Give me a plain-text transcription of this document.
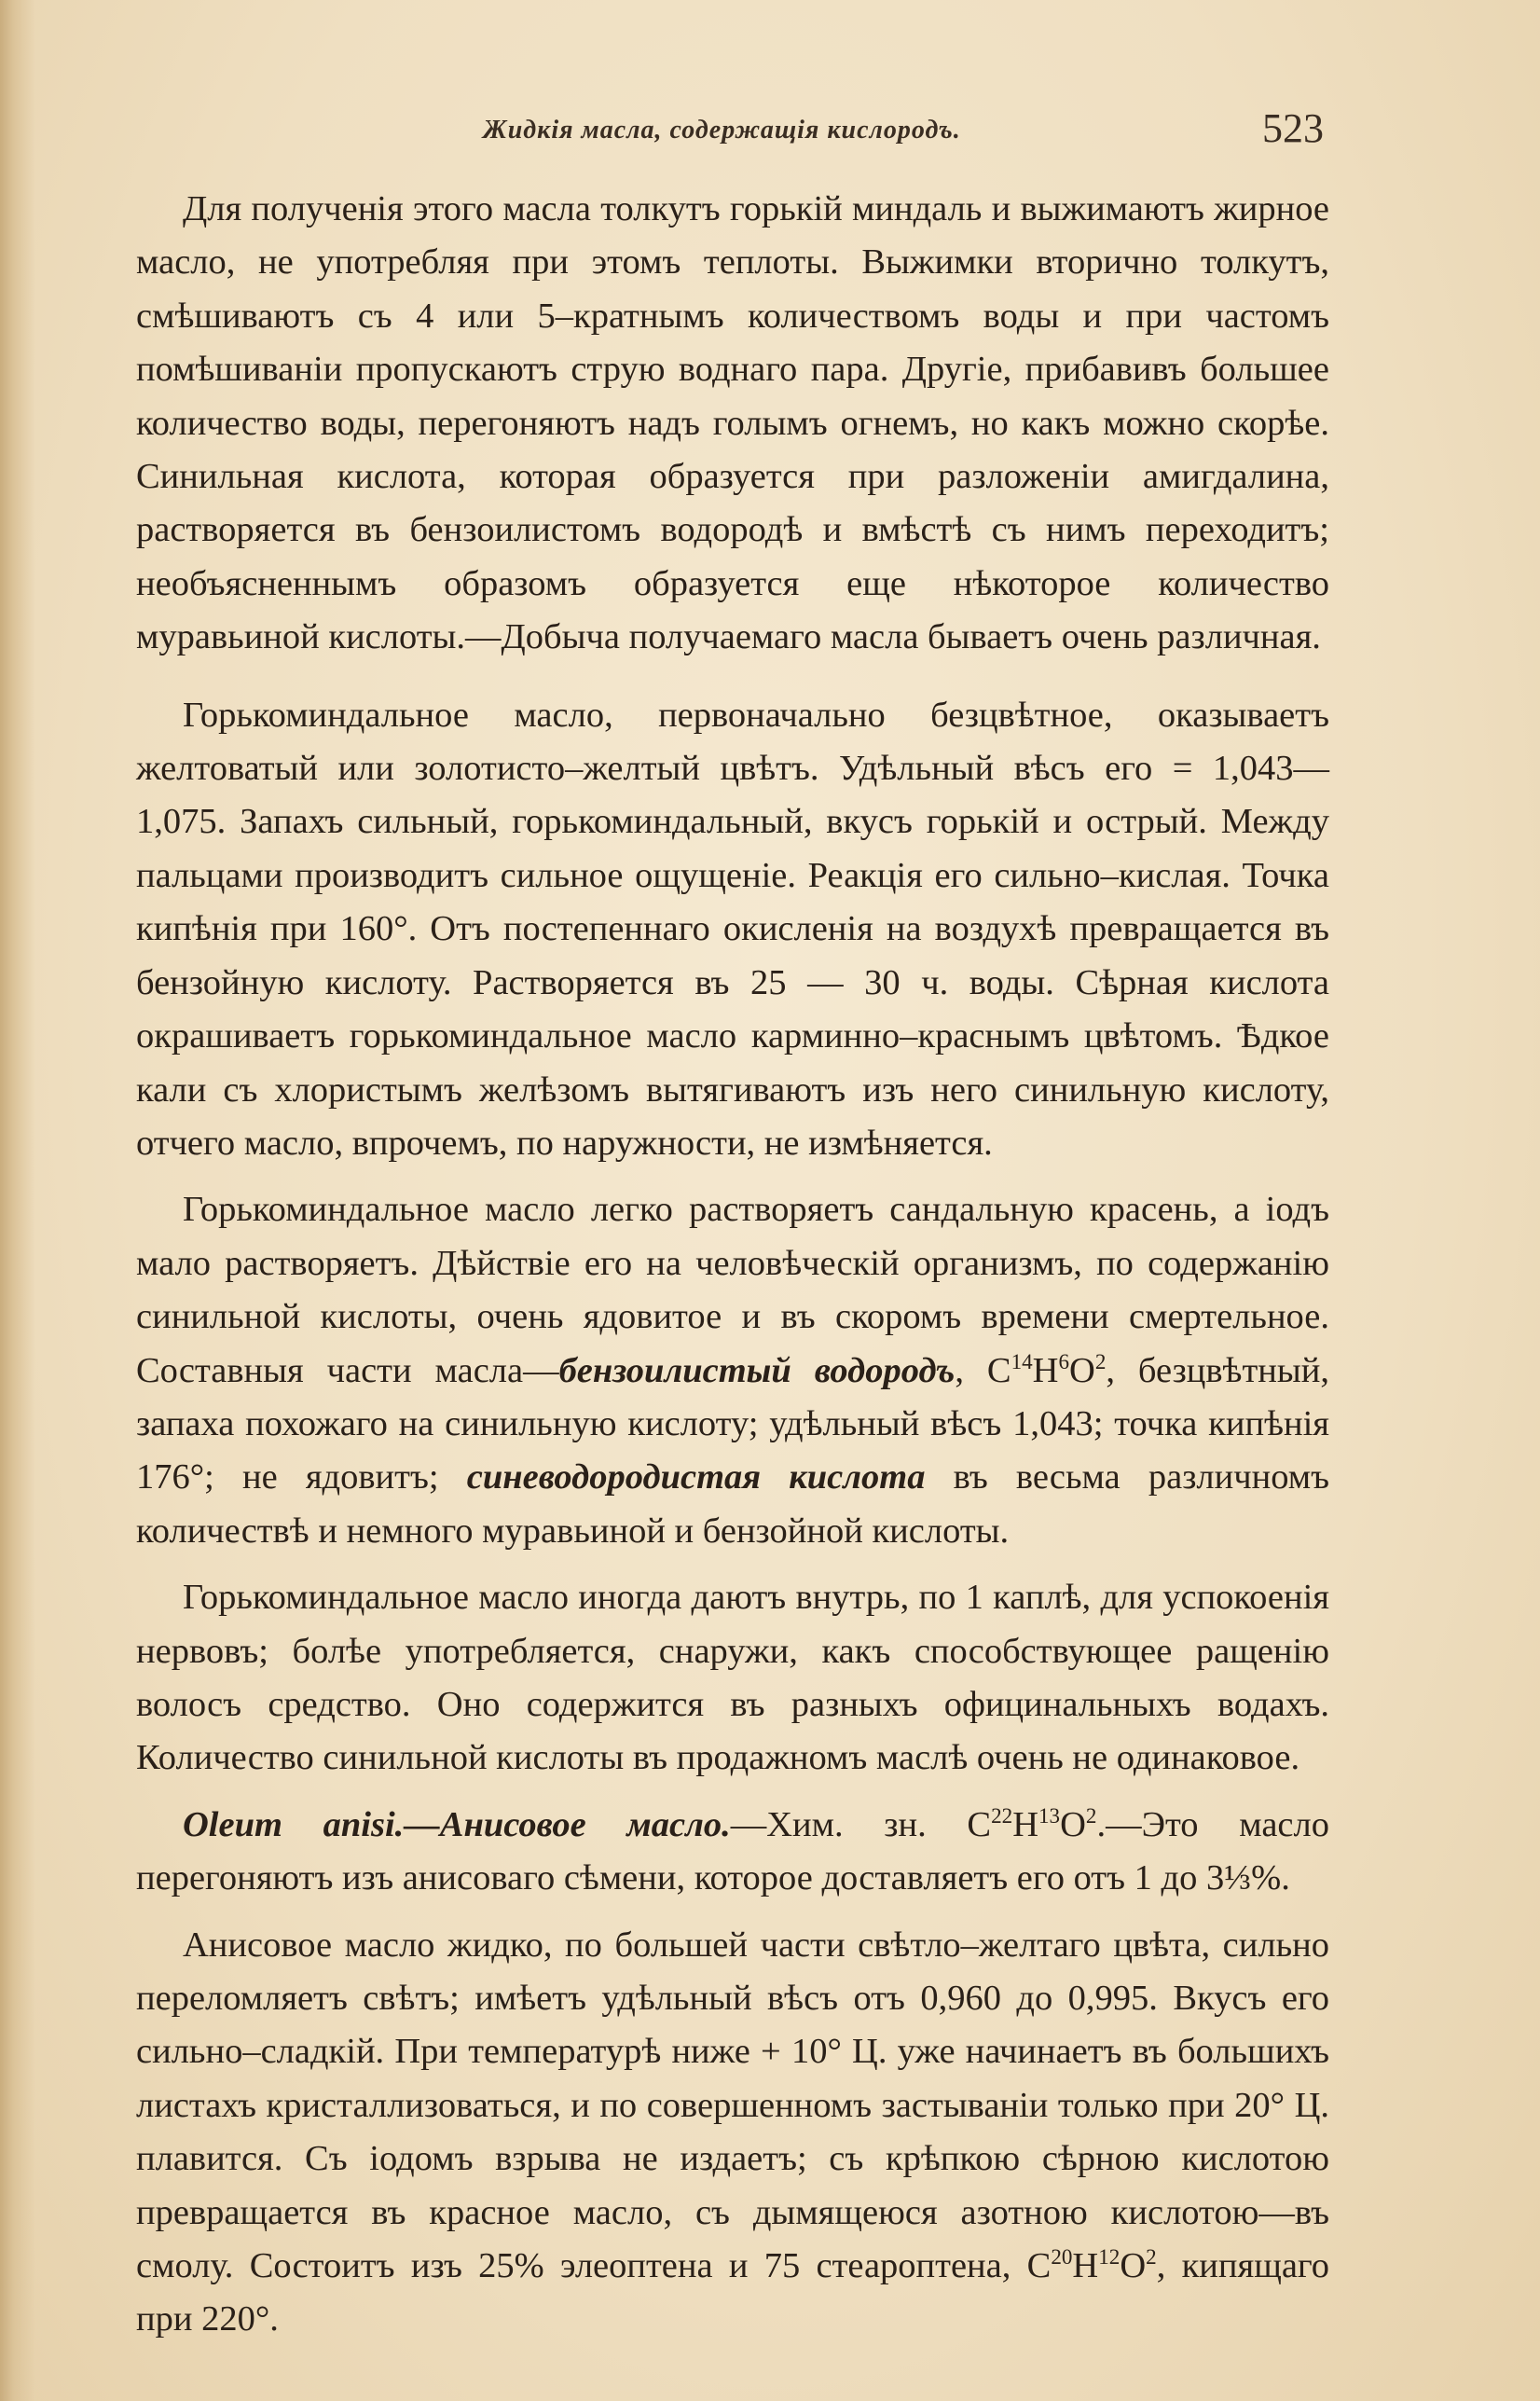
Жидкія масла, содержащія кислородъ.	523

Для полученія этого масла толкутъ горькій миндаль и выжимаютъ жирное масло, не употребляя при этомъ теплоты. Выжимки вторично толкутъ, смѣшиваютъ съ 4 или 5–кратнымъ количествомъ воды и при частомъ помѣшиваніи пропускаютъ струю воднаго пара. Другіе, прибавивъ большее количество воды, перегоняютъ надъ голымъ огнемъ, но какъ можно скорѣе. Синильная кислота, которая образуется при разложеніи амигдалина, растворяется въ бензоилистомъ водородѣ и вмѣстѣ съ нимъ переходитъ; необъясненнымъ образомъ образуется еще нѣкоторое количество муравьиной кислоты.—Добыча получаемаго масла бываетъ очень различная.

Горькоминдальное масло, первоначально безцвѣтное, оказываетъ желтоватый или золотисто–желтый цвѣтъ. Удѣльный вѣсъ его = 1,043—1,075. Запахъ сильный, горькоминдальный, вкусъ горькій и острый. Между пальцами производитъ сильное ощущеніе. Реакція его сильно–кислая. Точка кипѣнія при 160°. Отъ постепеннаго окисленія на воздухѣ превращается въ бензойную кислоту. Растворяется въ 25 — 30 ч. воды. Сѣрная кислота окрашиваетъ горькоминдальное масло карминно–краснымъ цвѣтомъ. Ѣдкое кали съ хлористымъ желѣзомъ вытягиваютъ изъ него синильную кислоту, отчего масло, впрочемъ, по наружности, не измѣняется.

Горькоминдальное масло легко растворяетъ сандальную красень, а іодъ мало растворяетъ. Дѣйствіе его на человѣческій организмъ, по содержанію синильной кислоты, очень ядовитое и въ скоромъ времени смертельное. Составныя части масла—бензоилистый водородъ, $C^{14}H^6O^2$, безцвѣтный, запаха похожаго на синильную кислоту; удѣльный вѣсъ 1,043; точка кипѣнія 176°; не ядовитъ; синеводородистая кислота въ весьма различномъ количествѣ и немного муравьиной и бензойной кислоты.

Горькоминдальное масло иногда даютъ внутрь, по 1 каплѣ, для успокоенія нервовъ; болѣе употребляется, снаружи, какъ способствующее ращенію волосъ средство. Оно содержится въ разныхъ официнальныхъ водахъ. Количество синильной кислоты въ продажномъ маслѣ очень не одинаковое.

Oleum anisi.—Анисовое масло.—Хим. зн. $C^{22}H^{13}O^2.—Это$ масло перегоняютъ изъ анисоваго сѣмени, которое доставляетъ его отъ 1 до 3⅓%.

Анисовое масло жидко, по большей части свѣтло–желтаго цвѣта, сильно переломляетъ свѣтъ; имѣетъ удѣльный вѣсъ отъ 0,960 до 0,995. Вкусъ его сильно–сладкій. При температурѣ ниже + 10° Ц. уже начинаетъ въ большихъ листахъ кристаллизоваться, и по совершенномъ застываніи только при 20° Ц. плавится. Съ іодомъ взрыва не издаетъ; съ крѣпкою сѣрною кислотою превращается въ красное масло, съ дымящеюся азотною кислотою—въ смолу. Состоитъ изъ 25% элеоптена и 75 стеароптена, $C^{20}H^{12}O^2$, кипящаго при 220°.
